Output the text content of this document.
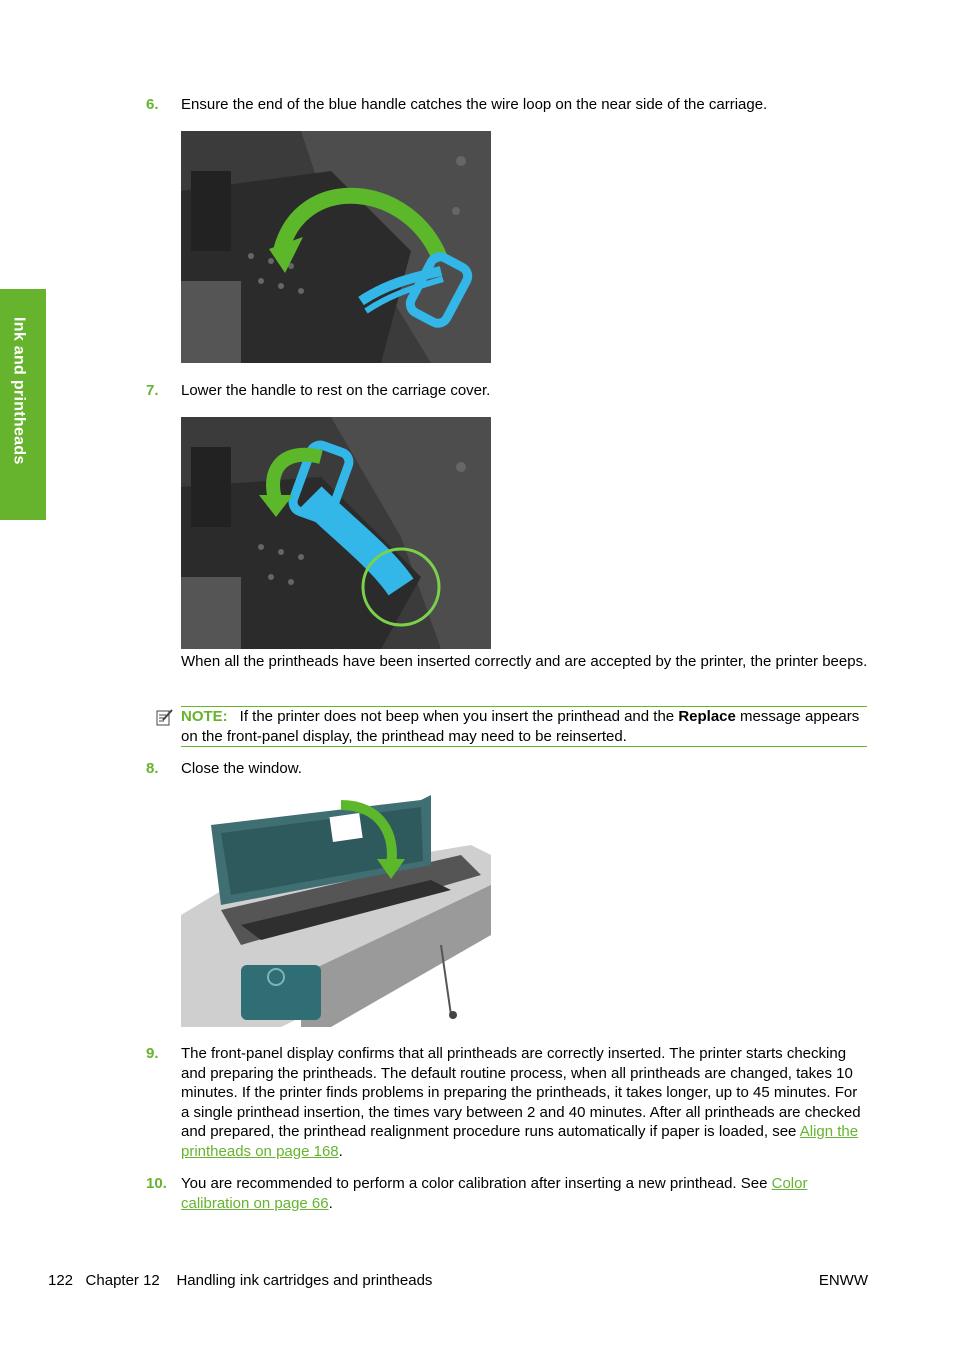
Ink and printheads
6. Ensure the end of the blue handle catches the wire loop on the near side of the carriage.
7. Lower the handle to rest on the carriage cover.
When all the printheads have been inserted correctly and are accepted by the printer, the printer beeps.
NOTE: If the printer does not beep when you insert the printhead and the Replace message appears on the front-panel display, the printhead may need to be reinserted.
8. Close the window.
9. The front-panel display confirms that all printheads are correctly inserted. The printer starts checking and preparing the printheads. The default routine process, when all printheads are changed, takes 10 minutes. If the printer finds problems in preparing the printheads, it takes longer, up to 45 minutes. For a single printhead insertion, the times vary between 2 and 40 minutes. After all printheads are checked and prepared, the printhead realignment procedure runs automatically if paper is loaded, see Align the printheads on page 168.
10. You are recommended to perform a color calibration after inserting a new printhead. See Color calibration on page 66.
122 Chapter 12 Handling ink cartridges and printheads	ENWW
